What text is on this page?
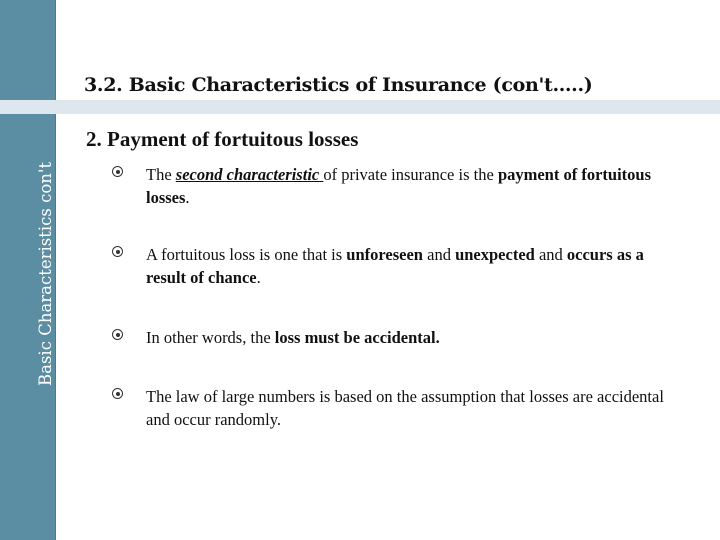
Basic Characteristics con't
3.2. Basic Characteristics of Insurance (con't…..)
2. Payment of fortuitous losses

The second characteristic of private insurance is the payment of fortuitous losses.

A fortuitous loss is one that is unforeseen and unexpected and occurs as a result of chance.

In other words, the loss must be accidental.

The law of large numbers is based on the assumption that losses are accidental and occur randomly.
